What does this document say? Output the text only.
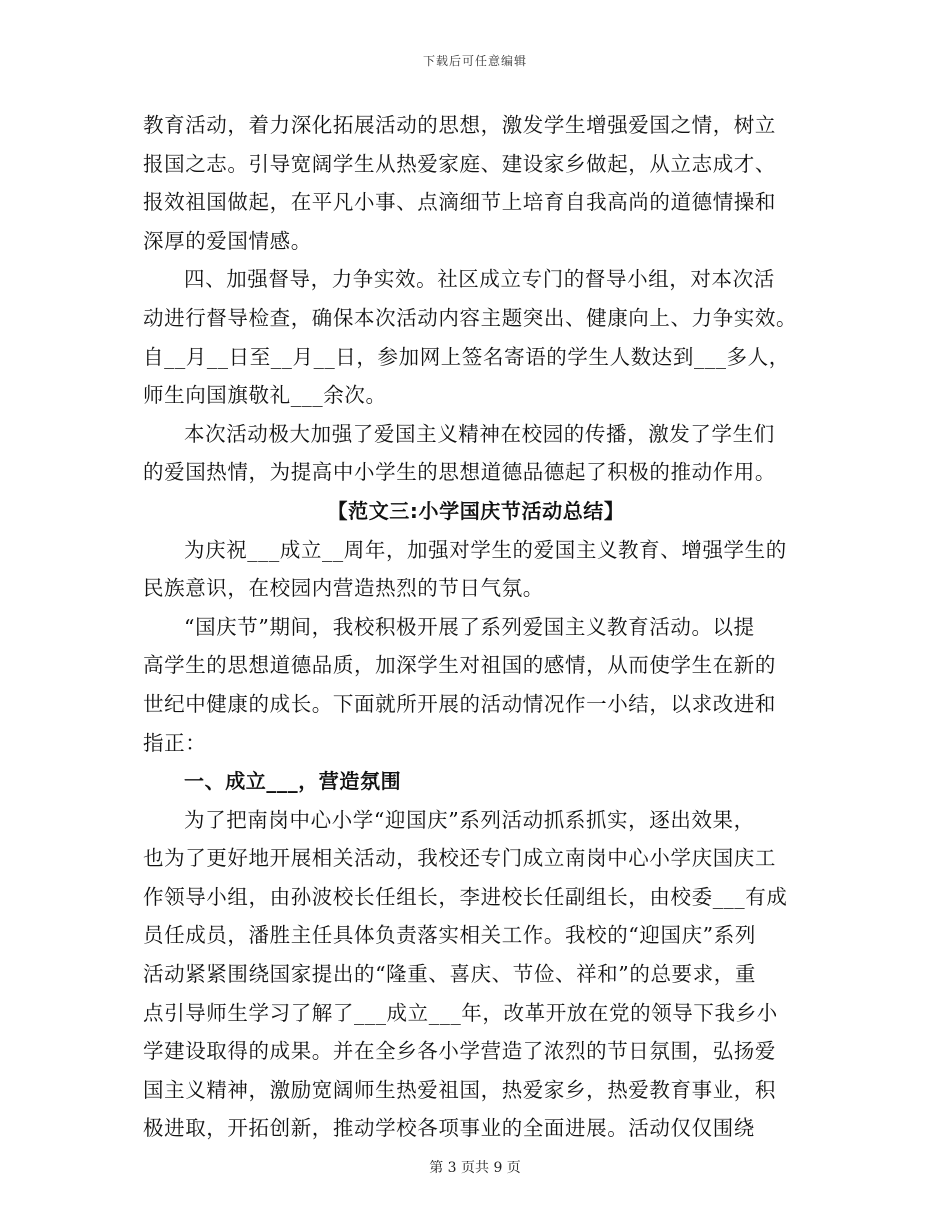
下载后可任意编辑
教育活动，着力深化拓展活动的思想，激发学生增强爱国之情，树立
报国之志。引导宽阔学生从热爱家庭、建设家乡做起，从立志成才、
报效祖国做起，在平凡小事、点滴细节上培育自我高尚的道德情操和
深厚的爱国情感。
四、加强督导，力争实效。社区成立专门的督导小组，对本次活
动进行督导检查，确保本次活动内容主题突出、健康向上、力争实效。
自__月__日至__月__日，参加网上签名寄语的学生人数达到___多人，
师生向国旗敬礼___余次。
本次活动极大加强了爱国主义精神在校园的传播，激发了学生们
的爱国热情，为提高中小学生的思想道德品德起了积极的推动作用。
【范文三:小学国庆节活动总结】
为庆祝___成立__周年，加强对学生的爱国主义教育、增强学生的
民族意识，在校园内营造热烈的节日气氛。
“国庆节”期间，我校积极开展了系列爱国主义教育活动。以提
高学生的思想道德品质，加深学生对祖国的感情，从而使学生在新的
世纪中健康的成长。下面就所开展的活动情况作一小结，以求改进和
指正：
一、成立___，营造氛围
为了把南岗中心小学“迎国庆”系列活动抓系抓实，逐出效果，
也为了更好地开展相关活动，我校还专门成立南岗中心小学庆国庆工
作领导小组，由孙波校长任组长，李进校长任副组长，由校委___有成
员任成员，潘胜主任具体负责落实相关工作。我校的“迎国庆”系列
活动紧紧围绕国家提出的“隆重、喜庆、节俭、祥和”的总要求，重
点引导师生学习了解了___成立___年，改革开放在党的领导下我乡小
学建设取得的成果。并在全乡各小学营造了浓烈的节日氛围，弘扬爱
国主义精神，激励宽阔师生热爱祖国，热爱家乡，热爱教育事业，积
极进取，开拓创新，推动学校各项事业的全面进展。活动仅仅围绕
第 3 页共 9 页
